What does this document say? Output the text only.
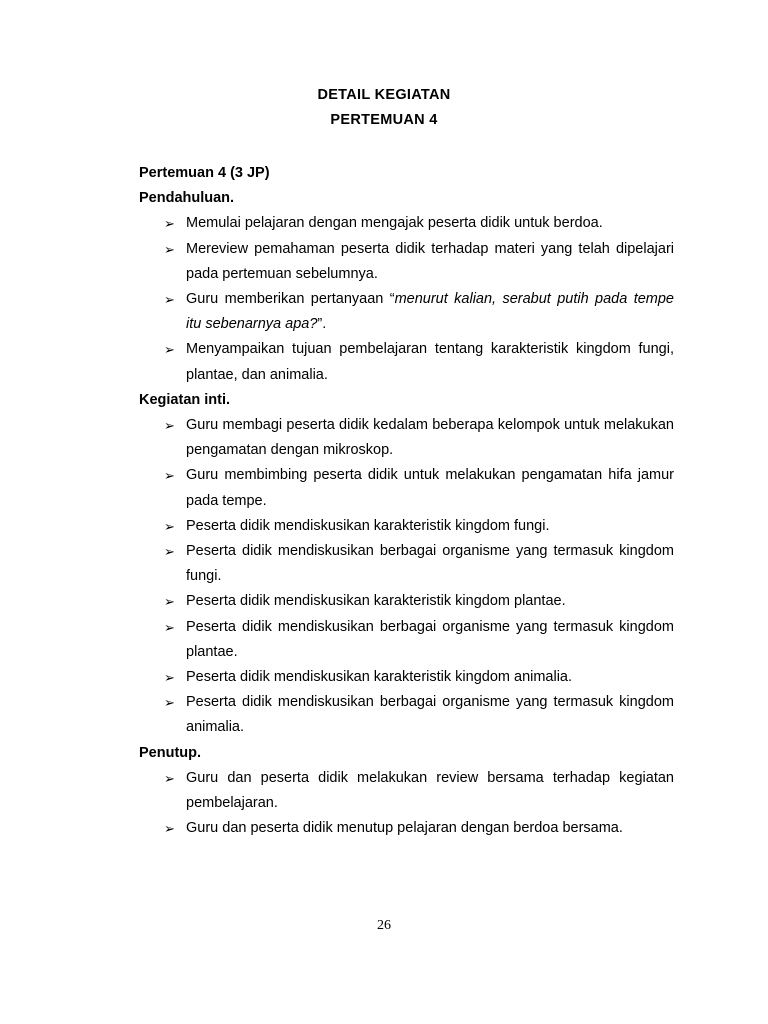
DETAIL KEGIATAN
PERTEMUAN 4

Pertemuan 4 (3 JP)

Pendahuluan.

➢ Memulai pelajaran dengan mengajak peserta didik untuk berdoa.
➢ Mereview pemahaman peserta didik terhadap materi yang telah dipelajari pada pertemuan sebelumnya.
➢ Guru memberikan pertanyaan “menurut kalian, serabut putih pada tempe itu sebenarnya apa?”.
➢ Menyampaikan tujuan pembelajaran tentang karakteristik kingdom fungi, plantae, dan animalia.

Kegiatan inti.

➢ Guru membagi peserta didik kedalam beberapa kelompok untuk melakukan pengamatan dengan mikroskop.
➢ Guru membimbing peserta didik untuk melakukan pengamatan hifa jamur pada tempe.
➢ Peserta didik mendiskusikan karakteristik kingdom fungi.
➢ Peserta didik mendiskusikan berbagai organisme yang termasuk kingdom fungi.
➢ Peserta didik mendiskusikan karakteristik kingdom plantae.
➢ Peserta didik mendiskusikan berbagai organisme yang termasuk kingdom plantae.
➢ Peserta didik mendiskusikan karakteristik kingdom animalia.
➢ Peserta didik mendiskusikan berbagai organisme yang termasuk kingdom animalia.

Penutup.

➢ Guru dan peserta didik melakukan review bersama terhadap kegiatan pembelajaran.
➢ Guru dan peserta didik menutup pelajaran dengan berdoa bersama.
26
